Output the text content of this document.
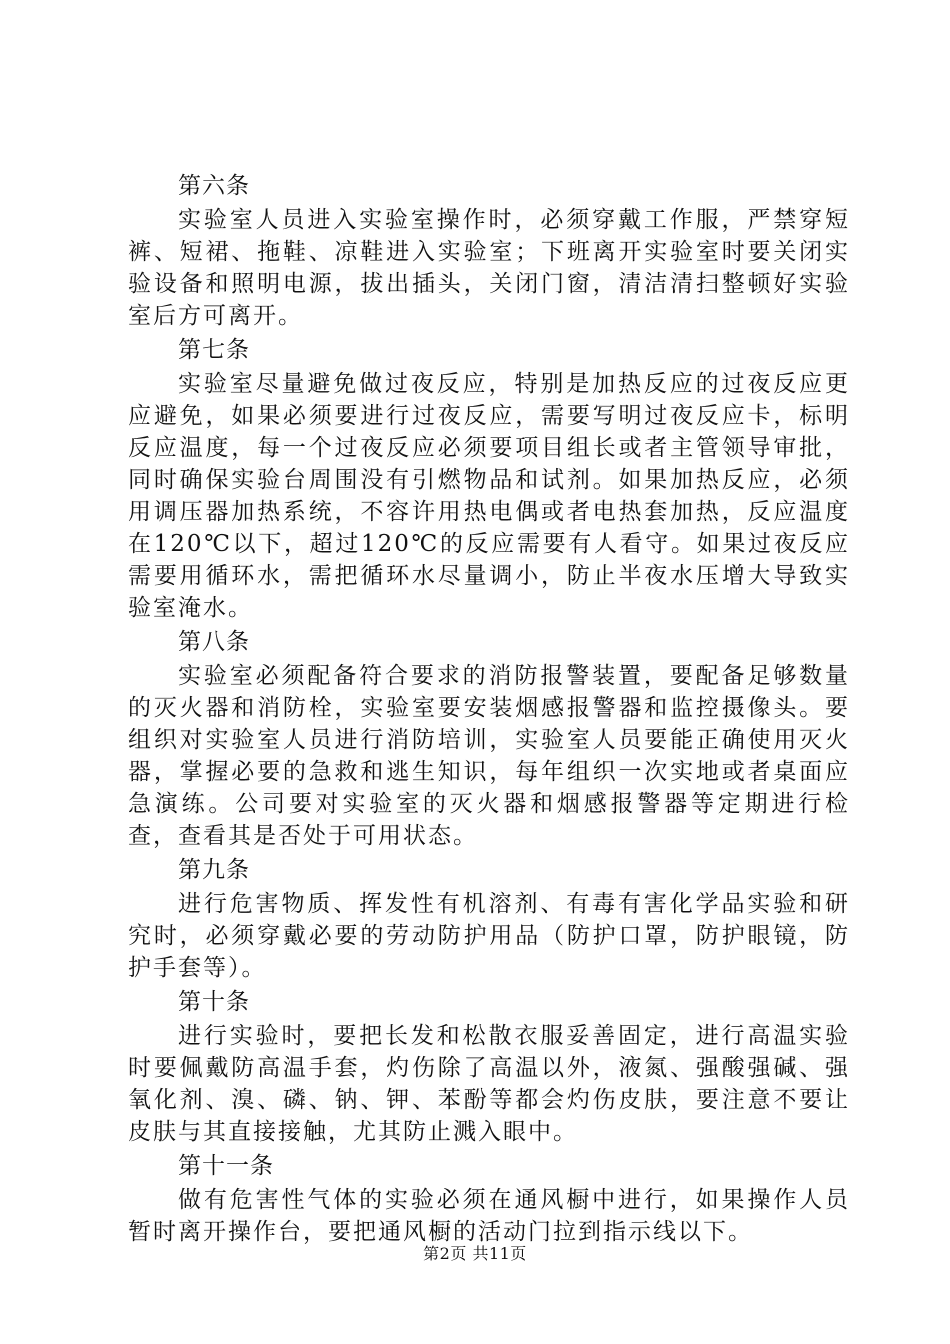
第六条

实验室人员进入实验室操作时，必须穿戴工作服，严禁穿短裤、短裙、拖鞋、凉鞋进入实验室；下班离开实验室时要关闭实验设备和照明电源，拔出插头，关闭门窗，清洁清扫整顿好实验室后方可离开。

第七条

实验室尽量避免做过夜反应，特别是加热反应的过夜反应更应避免，如果必须要进行过夜反应，需要写明过夜反应卡，标明反应温度，每一个过夜反应必须要项目组长或者主管领导审批，同时确保实验台周围没有引燃物品和试剂。如果加热反应，必须用调压器加热系统，不容许用热电偶或者电热套加热，反应温度在120℃以下，超过120℃的反应需要有人看守。如果过夜反应需要用循环水，需把循环水尽量调小，防止半夜水压增大导致实验室淹水。

第八条

实验室必须配备符合要求的消防报警装置，要配备足够数量的灭火器和消防栓，实验室要安装烟感报警器和监控摄像头。要组织对实验室人员进行消防培训，实验室人员要能正确使用灭火器，掌握必要的急救和逃生知识，每年组织一次实地或者桌面应急演练。公司要对实验室的灭火器和烟感报警器等定期进行检查，查看其是否处于可用状态。

第九条

进行危害物质、挥发性有机溶剂、有毒有害化学品实验和研究时，必须穿戴必要的劳动防护用品（防护口罩，防护眼镜，防护手套等）。

第十条

进行实验时，要把长发和松散衣服妥善固定，进行高温实验时要佩戴防高温手套，灼伤除了高温以外，液氮、强酸强碱、强氧化剂、溴、磷、钠、钾、苯酚等都会灼伤皮肤，要注意不要让皮肤与其直接接触，尤其防止溅入眼中。

第十一条

做有危害性气体的实验必须在通风橱中进行，如果操作人员暂时离开操作台，要把通风橱的活动门拉到指示线以下。

第2页 共11页
